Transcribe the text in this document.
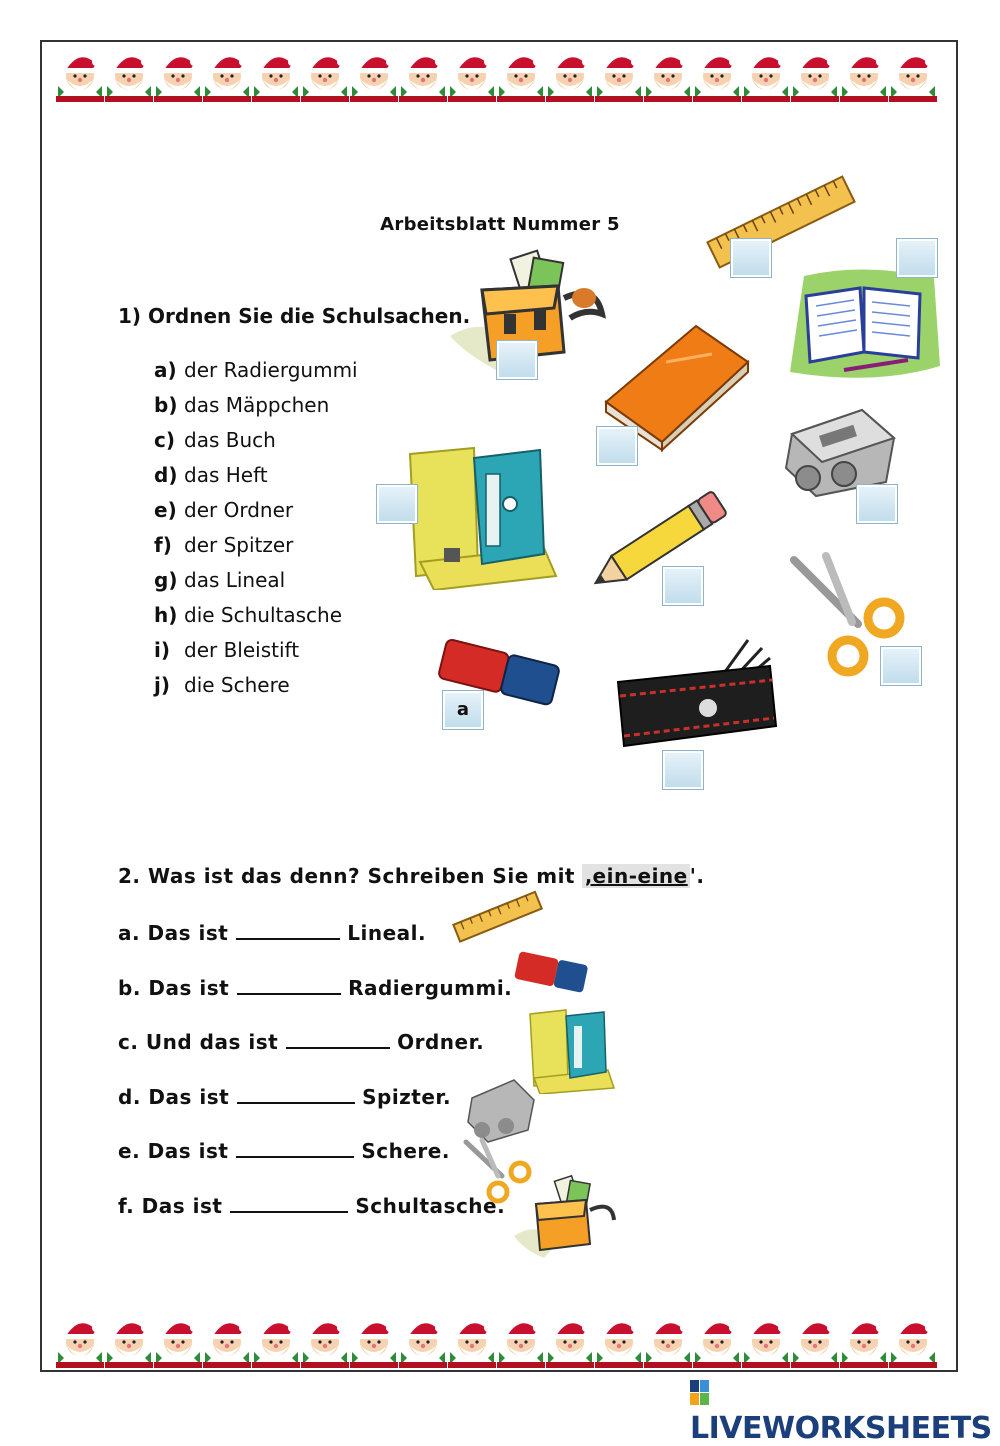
Arbeitsblatt Nummer 5
1) Ordnen Sie die Schulsachen.
a) der Radiergummi
b) das Mäppchen
c) das Buch
d) das Heft
e) der Ordner
f) der Spitzer
g) das Lineal
h) die Schultasche
i) der Bleistift
j) die Schere
a
2. Was ist das denn? Schreiben Sie mit ‚ein-eine '.
a. Das ist	Lineal.
b. Das ist	Radiergummi.
c. Und das ist	Ordner.
d. Das ist	Spizter.
e. Das ist	Schere.
f. Das ist	Schultasche.
LIVEWORKSHEETS
